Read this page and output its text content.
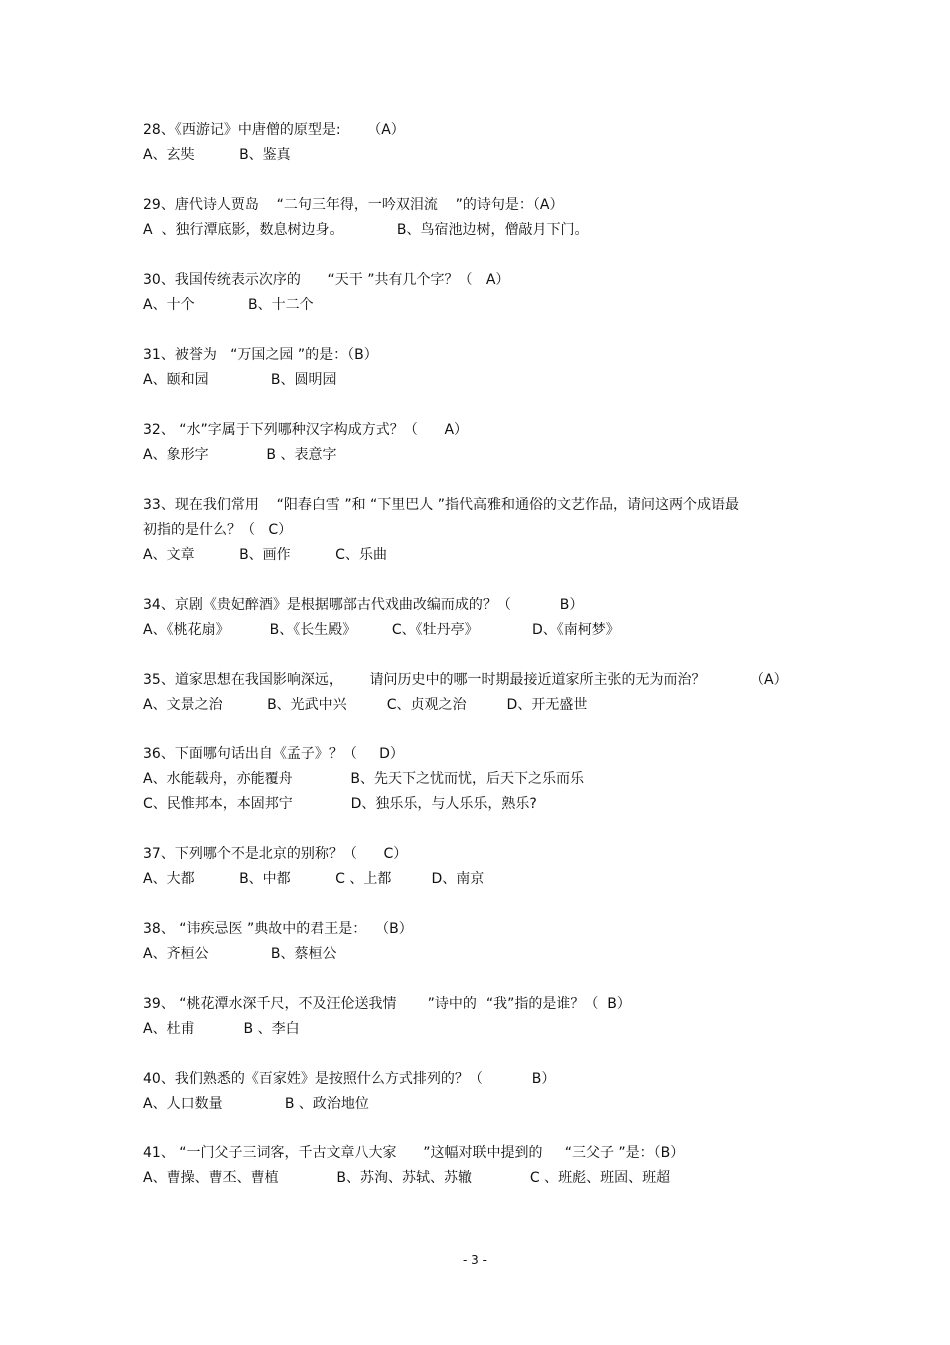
28、《西游记》中唐僧的原型是:      （A）
A、玄奘          B、鉴真
29、唐代诗人贾岛    “二句三年得，一吟双泪流    ”的诗句是：（A）
A  、独行潭底影，数息树边身。            B、鸟宿池边树，僧敲月下门。
30、我国传统表示次序的      “天干 ”共有几个字？（   A）
A、十个            B、十二个
31、被誉为   “万国之园 ”的是：（B）
A、颐和园              B、圆明园
32、 “水”字属于下列哪种汉字构成方式？（      A）
A、象形字             B 、表意字
33、现在我们常用    “阳春白雪 ”和 “下里巴人 ”指代高雅和通俗的文艺作品，请问这两个成语最
初指的是什么？（   C）
A、文章          B、画作          C、乐曲
34、京剧《贵妃醉酒》是根据哪部古代戏曲改编而成的？（           B）
A、《桃花扇》         B、《长生殿》        C、《牡丹亭》            D、《南柯梦》
35、道家思想在我国影响深远，      请问历史中的哪一时期最接近道家所主张的无为而治？          （A）
A、文景之治          B、光武中兴         C、贞观之治         D、开无盛世
36、下面哪句话出自《孟子》？（     D）
A、水能载舟，亦能覆舟             B、先天下之忧而忧，后天下之乐而乐
C、民惟邦本，本固邦宁             D、独乐乐，与人乐乐，熟乐?
37、下列哪个不是北京的别称？（      C）
A、大都          B、中都          C 、上都         D、南京
38、 “讳疾忌医 ”典故中的君王是：  （B）
A、齐桓公              B、蔡桓公
39、 “桃花潭水深千尺，不及汪伦送我情       ”诗中的  “我”指的是谁？（  B）
A、杜甫           B 、李白
40、我们熟悉的《百家姓》是按照什么方式排列的？（           B）
A、人口数量              B 、政治地位
41、 “一门父子三词客，千古文章八大家      ”这幅对联中提到的     “三父子 ”是：（B）
A、曹操、曹丕、曹植             B、苏洵、苏轼、苏辙             C 、班彪、班固、班超
- 3 -
